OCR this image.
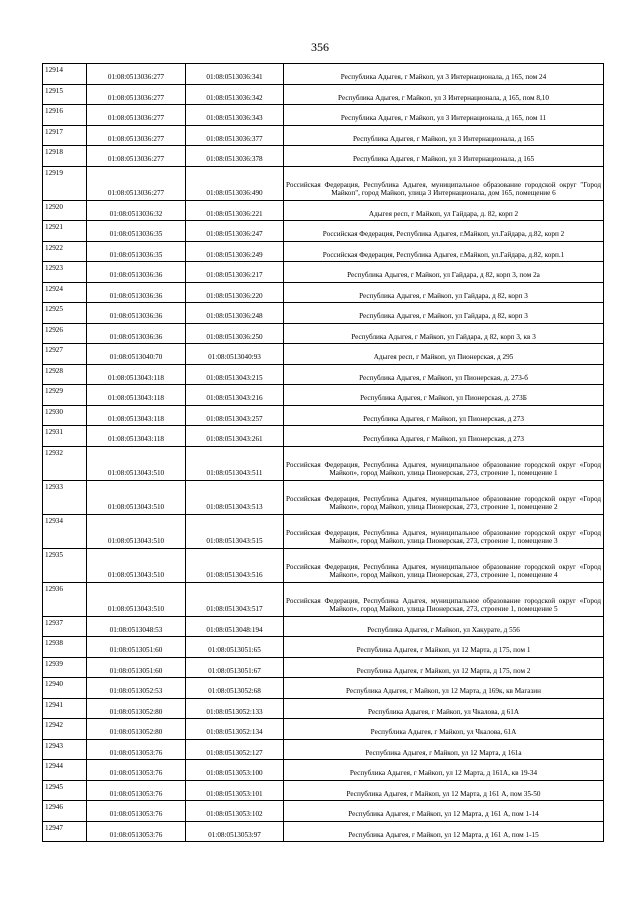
356
12914	01:08:0513036:277	01:08:0513036:341	Республика Адыгея, г Майкоп, ул 3 Интернационала, д 165, пом 24
12915	01:08:0513036:277	01:08:0513036:342	Республика Адыгея, г Майкоп, ул 3 Интернационала, д 165, пом 8,10
12916	01:08:0513036:277	01:08:0513036:343	Республика Адыгея, г Майкоп, ул 3 Интернационала, д 165, пом 11
12917	01:08:0513036:277	01:08:0513036:377	Республика Адыгея, г Майкоп, ул 3 Интернационала, д 165
12918	01:08:0513036:277	01:08:0513036:378	Республика Адыгея, г Майкоп, ул 3 Интернационала, д 165
12919	01:08:0513036:277	01:08:0513036:490	Российская Федерация, Республика Адыгея, муниципальное образование городской округ "Город Майкоп", город Майкоп, улица 3 Интернационала, дом 165, помещение 6
12920	01:08:0513036:32	01:08:0513036:221	Адыгея респ, г Майкоп, ул Гайдара, д. 82, корп 2
12921	01:08:0513036:35	01:08:0513036:247	Российская Федерация, Республика Адыгея, г.Майкоп, ул.Гайдара, д.82, корп 2
12922	01:08:0513036:35	01:08:0513036:249	Российская Федерация, Республика Адыгея, г.Майкоп, ул.Гайдара, д.82, корп.1
12923	01:08:0513036:36	01:08:0513036:217	Республика Адыгея, г Майкоп, ул Гайдара, д 82, корп 3, пом 2а
12924	01:08:0513036:36	01:08:0513036:220	Республика Адыгея, г Майкоп, ул Гайдара, д 82, корп 3
12925	01:08:0513036:36	01:08:0513036:248	Республика Адыгея, г Майкоп, ул Гайдара, д 82, корп 3
12926	01:08:0513036:36	01:08:0513036:250	Республика Адыгея, г Майкоп, ул Гайдара, д 82, корп 3, кв 3
12927	01:08:0513040:70	01:08:0513040:93	Адыгея респ, г Майкоп, ул Пионерская, д 295
12928	01:08:0513043:118	01:08:0513043:215	Республика Адыгея, г Майкоп, ул Пионерская, д. 273-б
12929	01:08:0513043:118	01:08:0513043:216	Республика Адыгея, г Майкоп, ул Пионерская, д. 273Б
12930	01:08:0513043:118	01:08:0513043:257	Республика Адыгея, г Майкоп, ул Пионерская, д 273
12931	01:08:0513043:118	01:08:0513043:261	Республика Адыгея, г Майкоп, ул Пионерская, д 273
12932	01:08:0513043:510	01:08:0513043:511	Российская Федерация, Республика Адыгея, муниципальное образование городской округ «Город Майкоп», город Майкоп, улица Пионерская, 273, строение 1, помещение 1
12933	01:08:0513043:510	01:08:0513043:513	Российская Федерация, Республика Адыгея, муниципальное образование городской округ «Город Майкоп», город Майкоп, улица Пионерская, 273, строение 1, помещение 2
12934	01:08:0513043:510	01:08:0513043:515	Российская Федерация, Республика Адыгея, муниципальное образование городской округ «Город Майкоп», город Майкоп, улица Пионерская, 273, строение 1, помещение 3
12935	01:08:0513043:510	01:08:0513043:516	Российская Федерация, Республика Адыгея, муниципальное образование городской округ «Город Майкоп», город Майкоп, улица Пионерская, 273, строение 1, помещение 4
12936	01:08:0513043:510	01:08:0513043:517	Российская Федерация, Республика Адыгея, муниципальное образование городской округ «Город Майкоп», город Майкоп, улица Пионерская, 273, строение 1, помещение 5
12937	01:08:0513048:53	01:08:0513048:194	Республика Адыгея, г Майкоп, ул Хакурате, д 556
12938	01:08:0513051:60	01:08:0513051:65	Республика Адыгея, г Майкоп, ул 12 Марта, д 175, пом 1
12939	01:08:0513051:60	01:08:0513051:67	Республика Адыгея, г Майкоп, ул 12 Марта, д 175, пом 2
12940	01:08:0513052:53	01:08:0513052:68	Республика Адыгея, г Майкоп, ул 12 Марта, д 169к, кв Магазин
12941	01:08:0513052:80	01:08:0513052:133	Республика Адыгея, г Майкоп, ул Чкалова, д 61А
12942	01:08:0513052:80	01:08:0513052:134	Республика Адыгея, г Майкоп, ул Чкалова, 61А
12943	01:08:0513053:76	01:08:0513052:127	Республика Адыгея, г Майкоп, ул 12 Марта, д 161а
12944	01:08:0513053:76	01:08:0513053:100	Республика Адыгея, г Майкоп, ул 12 Марта, д 161А, кв 19-34
12945	01:08:0513053:76	01:08:0513053:101	Республика Адыгея, г Майкоп, ул 12 Марта, д 161 А, пом 35-50
12946	01:08:0513053:76	01:08:0513053:102	Республика Адыгея, г Майкоп, ул 12 Марта, д 161 А, пом 1-14
12947	01:08:0513053:76	01:08:0513053:97	Республика Адыгея, г Майкоп, ул 12 Марта, д 161 А, пом 1-15
